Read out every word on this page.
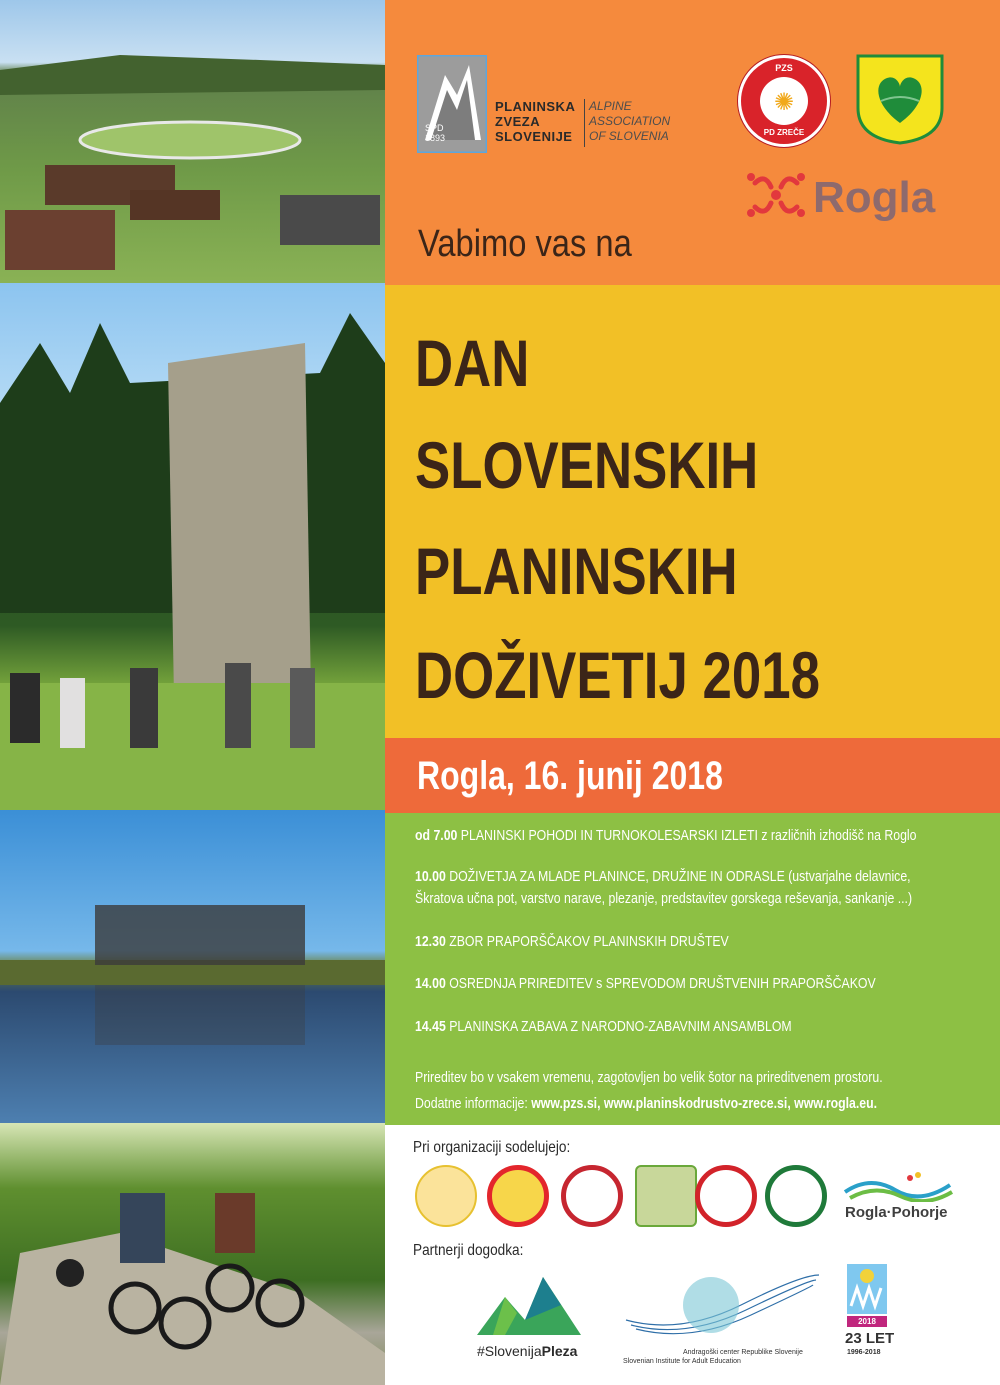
SPD
1893
PLANINSKA
ZVEZA
SLOVENIJE
ALPINE
ASSOCIATION
OF SLOVENIA
PZS
✺
PD ZREČE
Rogla
Vabimo vas na
DAN
SLOVENSKIH
PLANINSKIH
DOŽIVETIJ 2018
Rogla, 16. junij 2018
od 7.00 PLANINSKI POHODI IN TURNOKOLESARSKI IZLETI z različnih izhodišč na Roglo
10.00 DOŽIVETJA ZA MLADE PLANINCE, DRUŽINE IN ODRASLE (ustvarjalne delavnice,
Škratova učna pot, varstvo narave, plezanje, predstavitev gorskega reševanja, sankanje ...)
12.30 ZBOR PRAPORŠČAKOV PLANINSKIH DRUŠTEV
14.00 OSREDNJA PRIREDITEV s SPREVODOM DRUŠTVENIH PRAPORŠČAKOV
14.45 PLANINSKA ZABAVA Z NARODNO-ZABAVNIM ANSAMBLOM
Prireditev bo v vsakem vremenu, zagotovljen bo velik šotor na prireditvenem prostoru.
Dodatne informacije: www.pzs.si, www.planinskodrustvo-zrece.si, www.rogla.eu.
Pri organizaciji sodelujejo:
Rogla·Pohorje
Partnerji dogodka:
#SlovenijaPleza	Andragoški center Republike Slovenije
Slovenian Institute for Adult Education
2018
23 LET
1996-2018
